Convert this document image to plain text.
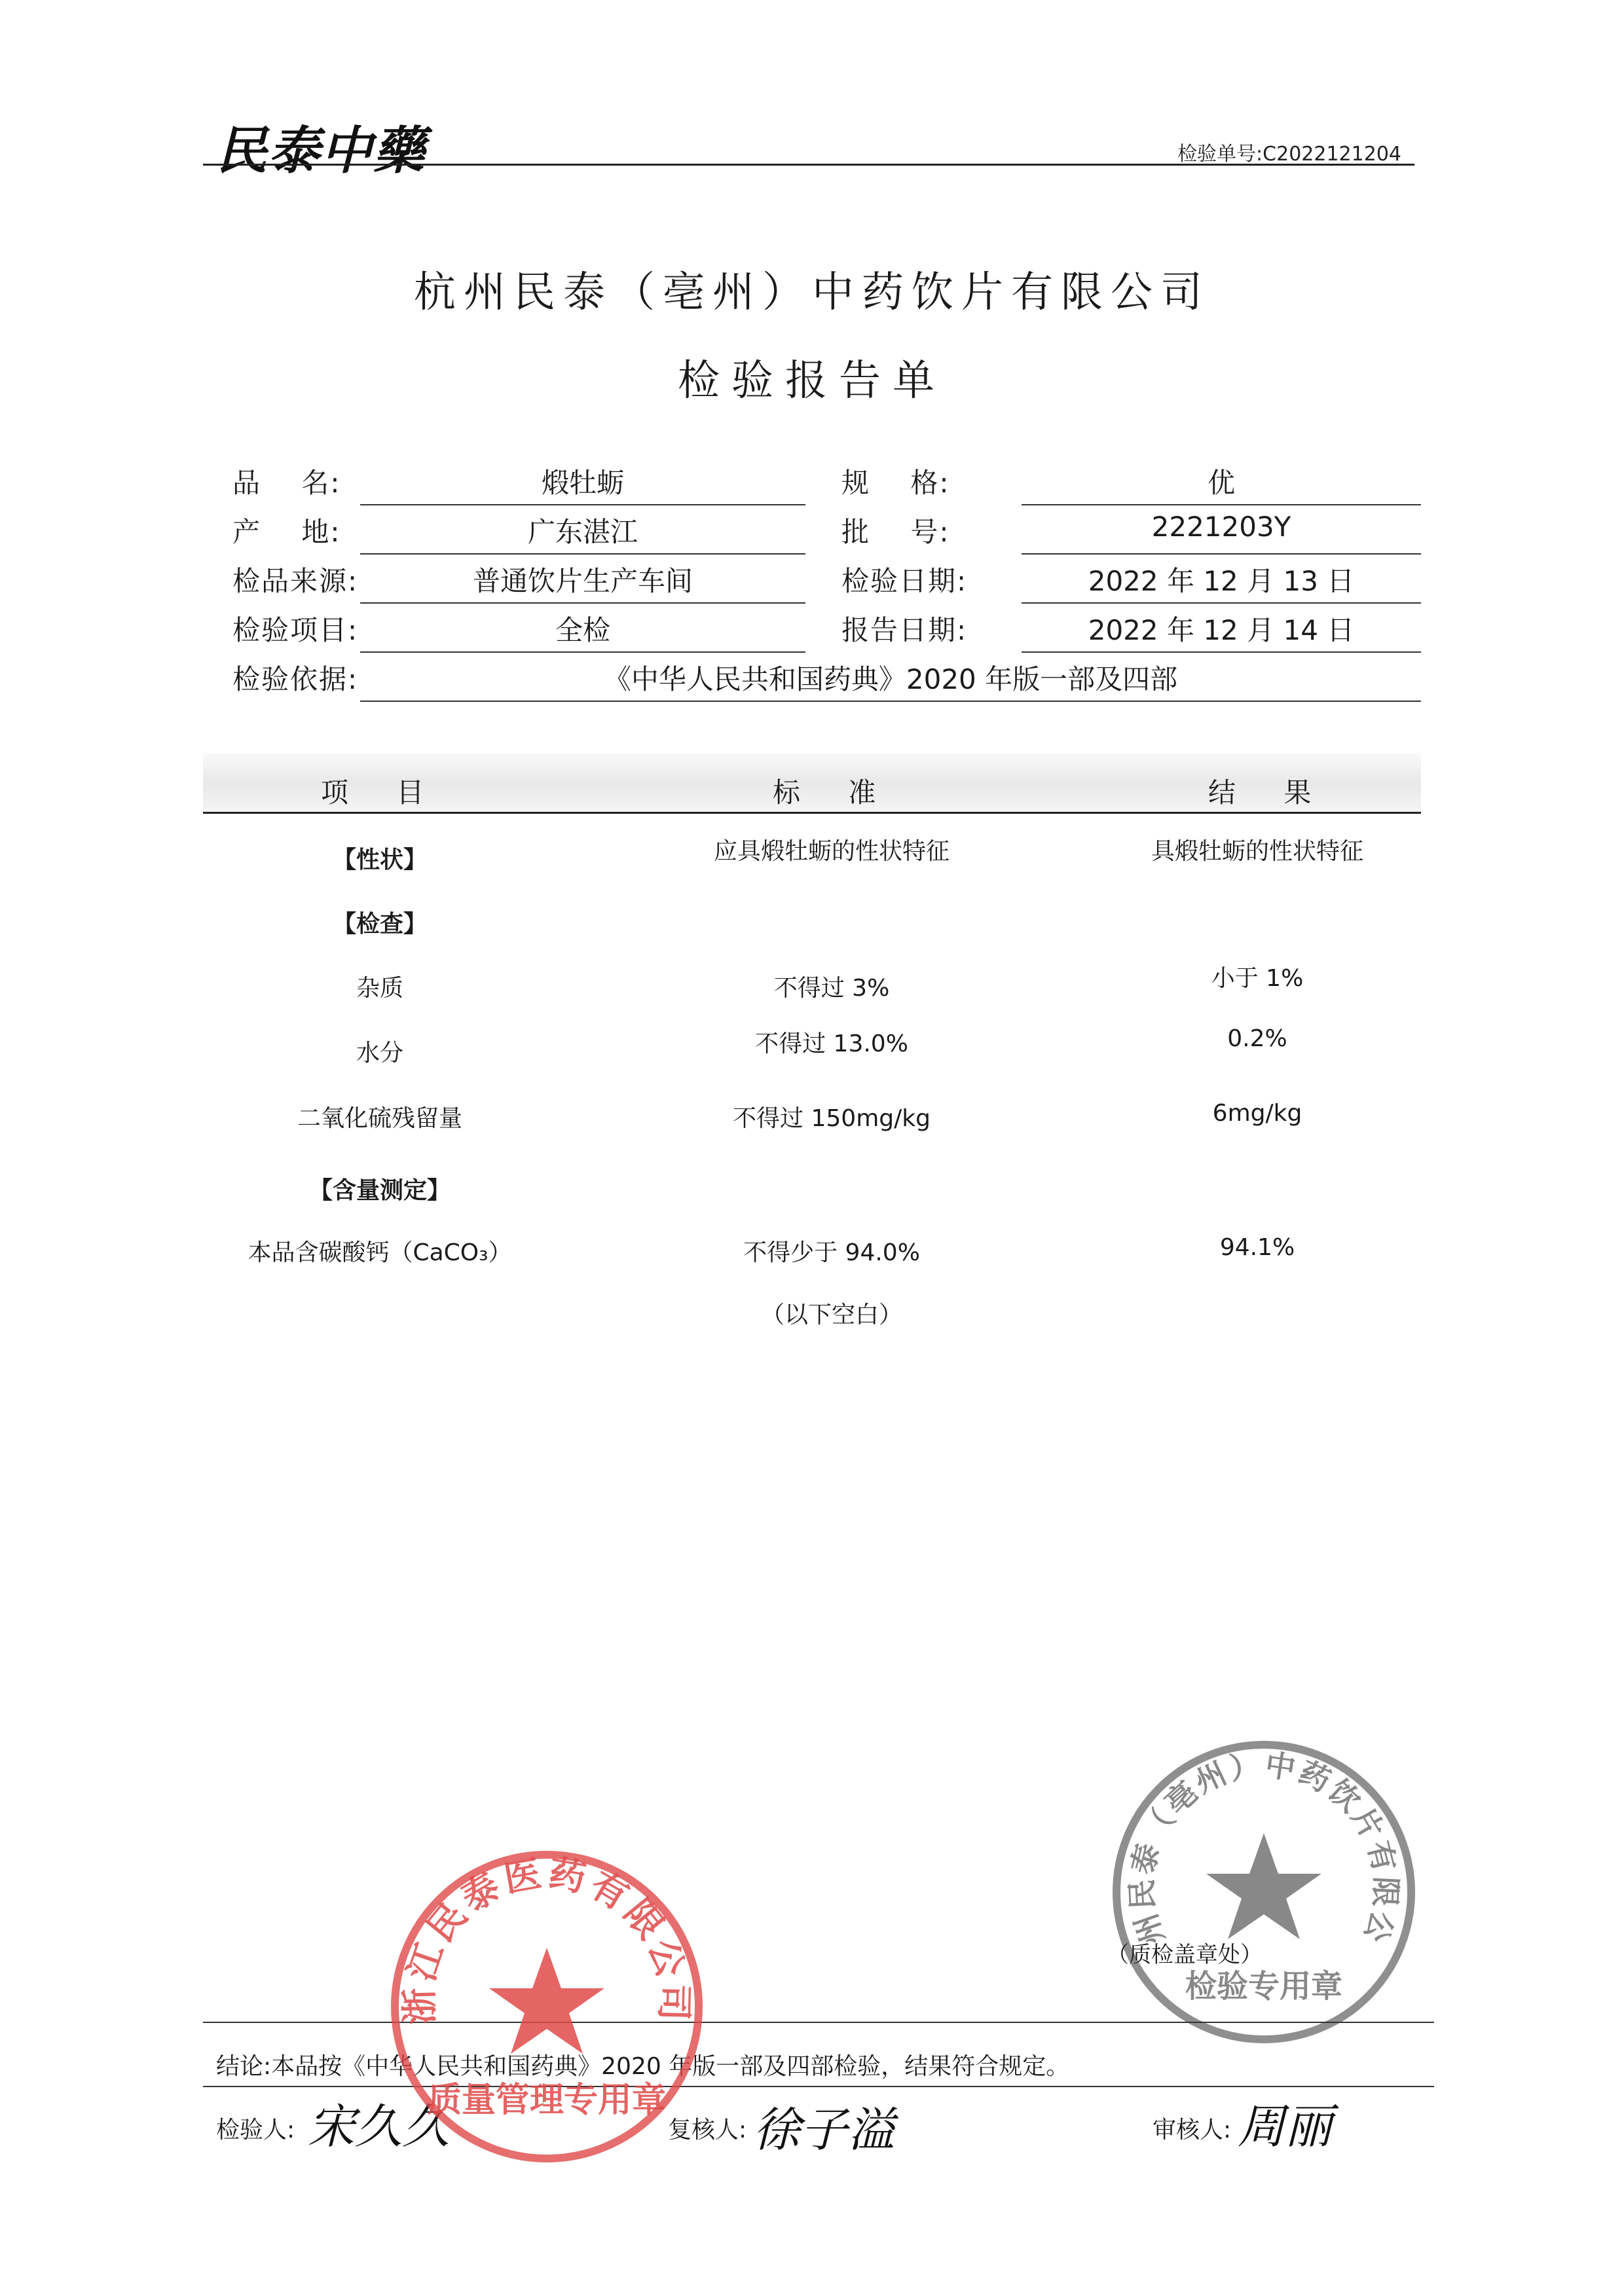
民泰中藥	检验单号:C2022121204
杭州民泰（亳州）中药饮片有限公司
检验报告单
品    名:	煅牡蛎	规    格:	优
产    地:	广东湛江	批    号:	2221203Y
检品来源:	普通饮片生产车间	检验日期:	2022 年 12 月 13 日
检验项目:	全检	报告日期:	2022 年 12 月 14 日
检验依据:	《中华人民共和国药典》2020 年版一部及四部
项    目	标    准	结    果
【性状】	应具煅牡蛎的性状特征	具煅牡蛎的性状特征
【检查】
杂质	不得过 3%	小于 1%
水分	不得过 13.0%	0.2%
二氧化硫残留量	不得过 150mg/kg	6mg/kg
【含量测定】
本品含碳酸钙（CaCO₃）	不得少于 94.0%	94.1%
（以下空白）
州民泰（亳州）中药饮片有限公
检验专用章
（质检盖章处）
结论:本品按《中华人民共和国药典》2020 年版一部及四部检验，结果符合规定。
检验人: 宋久久	复核人: 徐子溢	审核人: 周丽
浙江民泰医药有限公司
质量管理专用章
